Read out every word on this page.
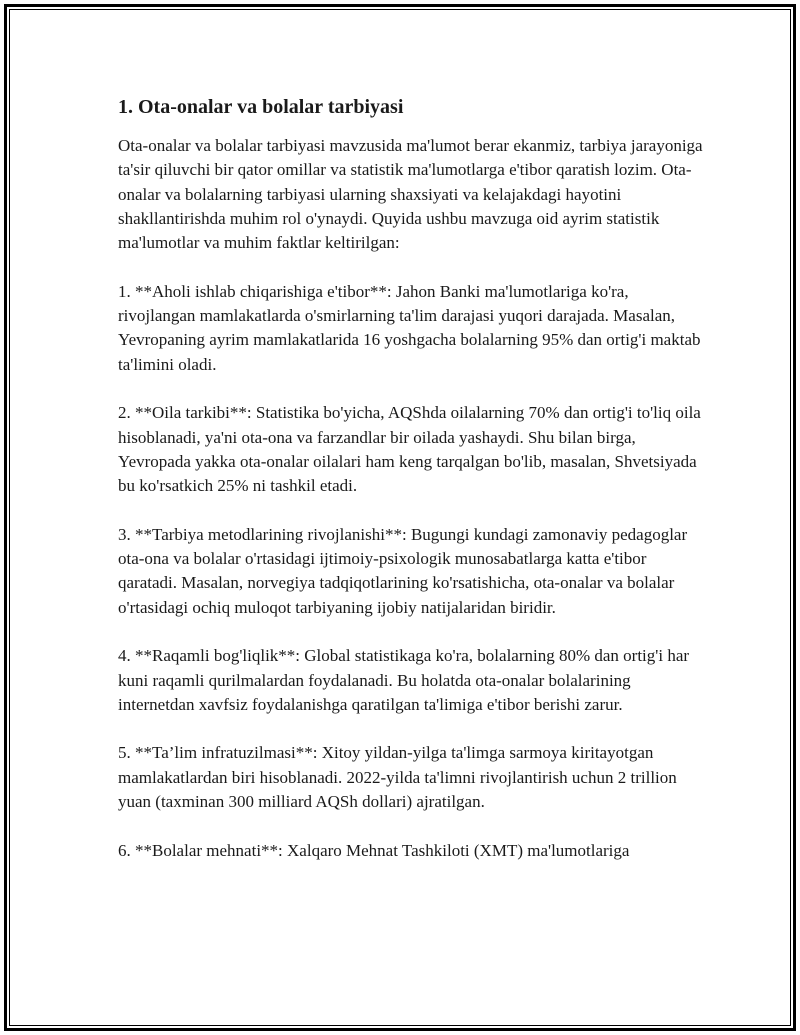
1. Ota-onalar va bolalar tarbiyasi

Ota-onalar va bolalar tarbiyasi mavzusida ma'lumot berar ekanmiz, tarbiya jarayoniga ta'sir qiluvchi bir qator omillar va statistik ma'lumotlarga e'tibor qaratish lozim. Ota-onalar va bolalarning tarbiyasi ularning shaxsiyati va kelajakdagi hayotini shakllantirishda muhim rol o'ynaydi. Quyida ushbu mavzuga oid ayrim statistik ma'lumotlar va muhim faktlar keltirilgan:

1. **Aholi ishlab chiqarishiga e'tibor**: Jahon Banki ma'lumotlariga ko'ra, rivojlangan mamlakatlarda o'smirlarning ta'lim darajasi yuqori darajada. Masalan, Yevropaning ayrim mamlakatlarida 16 yoshgacha bolalarning 95% dan ortig'i maktab ta'limini oladi.

2. **Oila tarkibi**: Statistika bo'yicha, AQShda oilalarning 70% dan ortig'i to'liq oila hisoblanadi, ya'ni ota-ona va farzandlar bir oilada yashaydi. Shu bilan birga, Yevropada yakka ota-onalar oilalari ham keng tarqalgan bo'lib, masalan, Shvetsiyada bu ko'rsatkich 25% ni tashkil etadi.

3. **Tarbiya metodlarining rivojlanishi**: Bugungi kundagi zamonaviy pedagoglar ota-ona va bolalar o'rtasidagi ijtimoiy-psixologik munosabatlarga katta e'tibor qaratadi. Masalan, norvegiya tadqiqotlarining ko'rsatishicha, ota-onalar va bolalar o'rtasidagi ochiq muloqot tarbiyaning ijobiy natijalaridan biridir.

4. **Raqamli bog'liqlik**: Global statistikaga ko'ra, bolalarning 80% dan ortig'i har kuni raqamli qurilmalardan foydalanadi. Bu holatda ota-onalar bolalarining internetdan xavfsiz foydalanishga qaratilgan ta'limiga e'tibor berishi zarur.

5. **Ta’lim infratuzilmasi**: Xitoy yildan-yilga ta'limga sarmoya kiritayotgan mamlakatlardan biri hisoblanadi. 2022-yilda ta'limni rivojlantirish uchun 2 trillion yuan (taxminan 300 milliard AQSh dollari) ajratilgan.

6. **Bolalar mehnati**: Xalqaro Mehnat Tashkiloti (XMT) ma'lumotlariga
